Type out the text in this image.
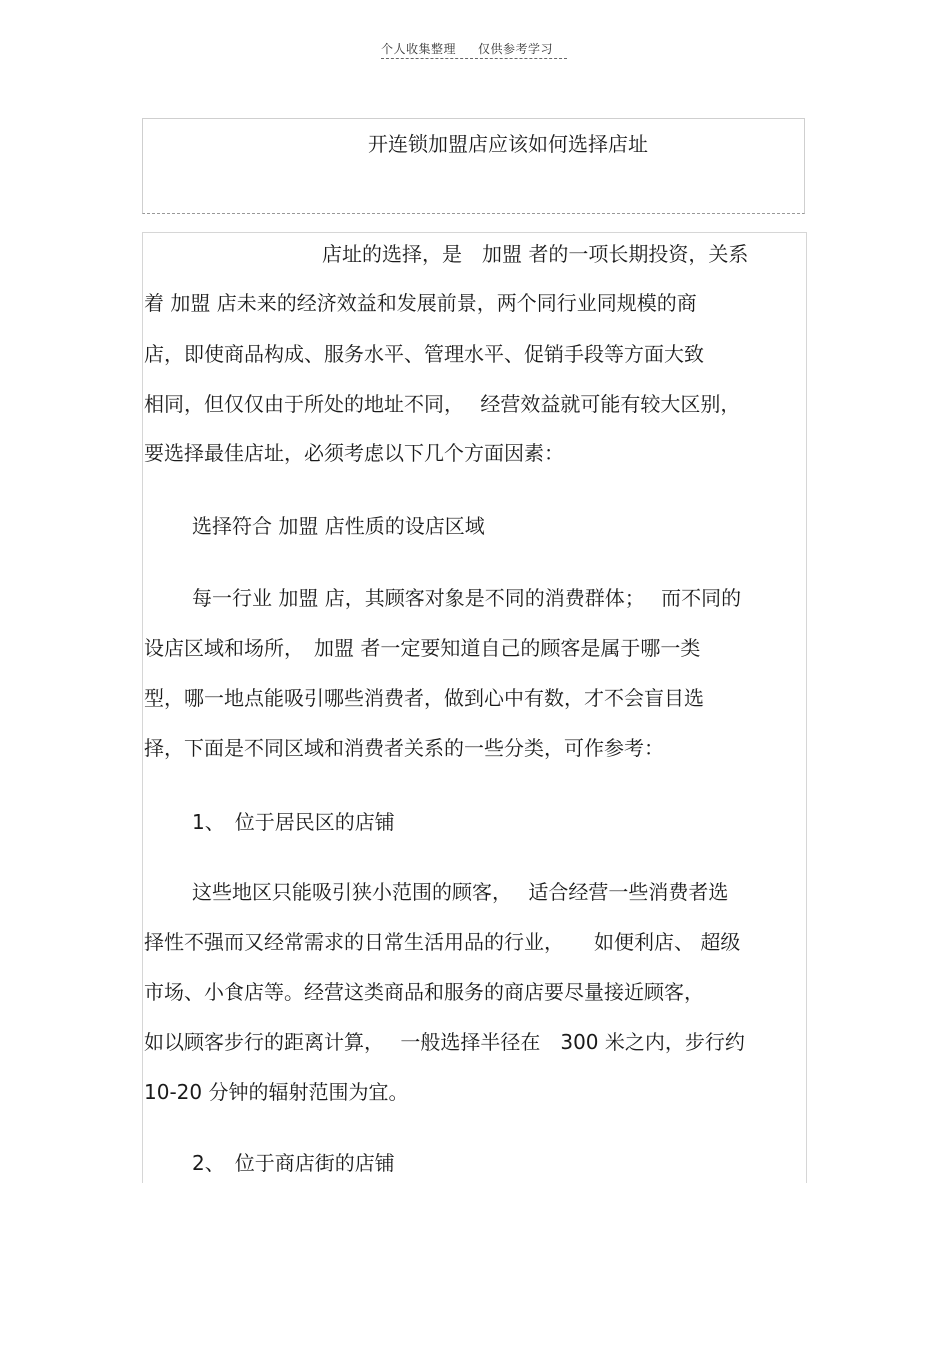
个人收集整理 仅供参考学习
开连锁加盟店应该如何选择店址
店址的选择，是　加盟 者的一项长期投资，关系
着 加盟 店未来的经济效益和发展前景，两个同行业同规模的商
店，即使商品构成、服务水平、管理水平、促销手段等方面大致
相同，但仅仅由于所处的地址不同，　 经营效益就可能有较大区别，
要选择最佳店址，必须考虑以下几个方面因素：
选择符合 加盟 店性质的设店区域
每一行业 加盟 店，其顾客对象是不同的消费群体；　 而不同的
设店区域和场所，　加盟 者一定要知道自己的顾客是属于哪一类
型，哪一地点能吸引哪些消费者，做到心中有数，才不会盲目选
择，下面是不同区域和消费者关系的一些分类，可作参考：
1、　位于居民区的店铺
这些地区只能吸引狭小范围的顾客，　 适合经营一些消费者选
择性不强而又经常需求的日常生活用品的行业，　　如便利店、 超级
市场、小食店等。经营这类商品和服务的商店要尽量接近顾客，
如以顾客步行的距离计算，　 一般选择半径在　300 米之内，步行约
10-20 分钟的辐射范围为宜。
2、　位于商店街的店铺
